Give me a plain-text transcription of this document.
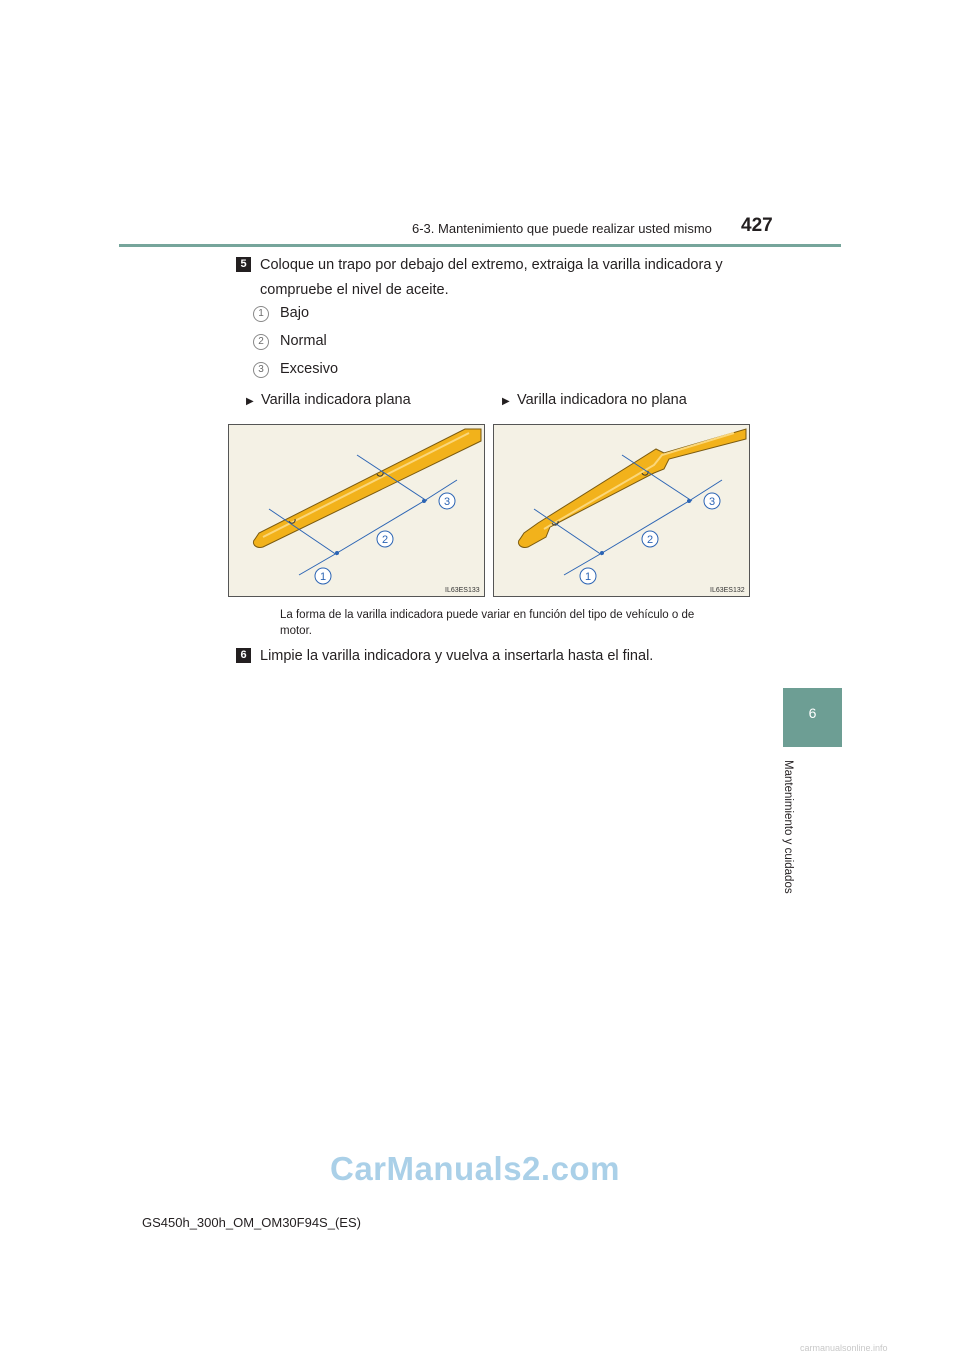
6-3. Mantenimiento que puede realizar usted mismo 427
6
Mantenimiento y cuidados
5 Coloque un trapo por debajo del extremo, extraiga la varilla indicadora y
compruebe el nivel de aceite.
1	Bajo
2	Normal
3	Excesivo
▶ Varilla indicadora plana	▶ Varilla indicadora no plana
1
2
3
IL63ES133
1
2
3
IL63ES132
La forma de la varilla indicadora puede variar en función del tipo de vehículo o de
motor.
6 Limpie la varilla indicadora y vuelva a insertarla hasta el final.
GS450h_300h_OM_OM30F94S_(ES)
CarManuals2.com
carmanualsonline.info
